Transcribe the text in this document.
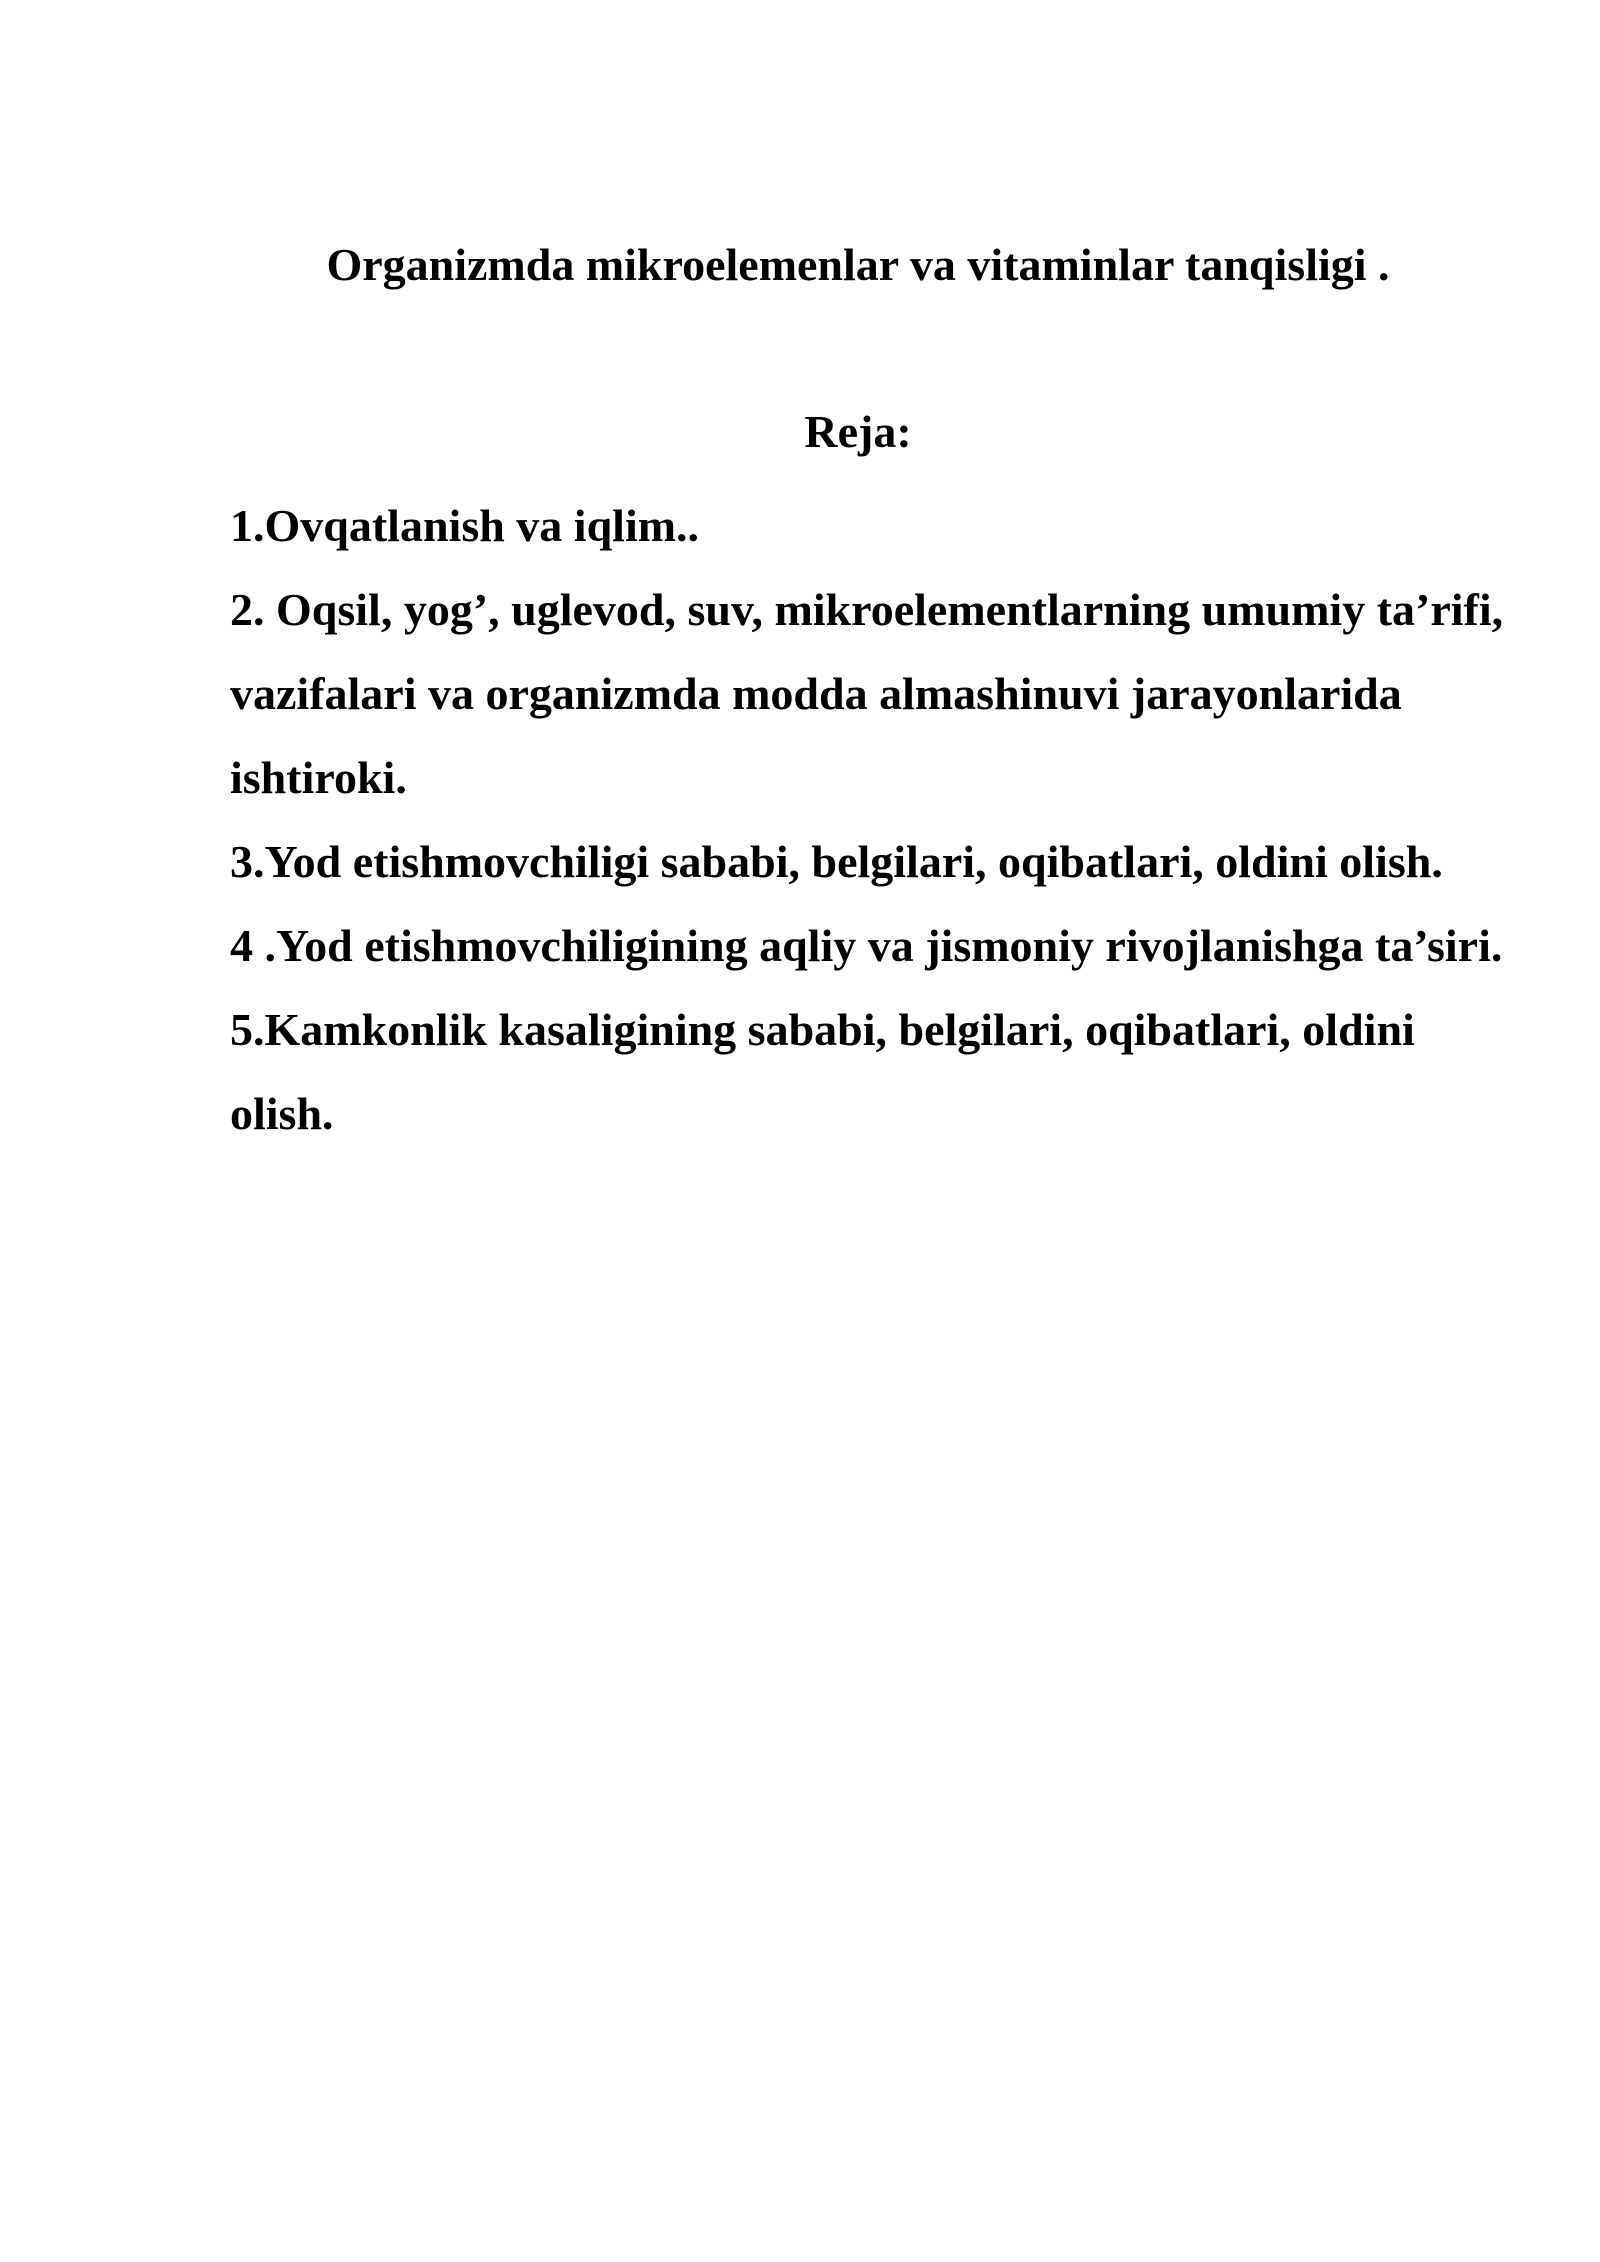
Organizmda mikroelemenlar va vitaminlar tanqisligi .
Reja:
1.Ovqatlanish va iqlim..
2. Oqsil, yog’, uglevod, suv, mikroelementlarning umumiy ta’rifi, vazifalari va organizmda modda almashinuvi jarayonlarida ishtiroki.
3.Yod etishmovchiligi sababi, belgilari, oqibatlari, oldini olish.
4 .Yod etishmovchiligining aqliy va jismoniy rivojlanishga ta’siri.
5.Kamkonlik kasaligining sababi, belgilari, oqibatlari, oldini olish.
